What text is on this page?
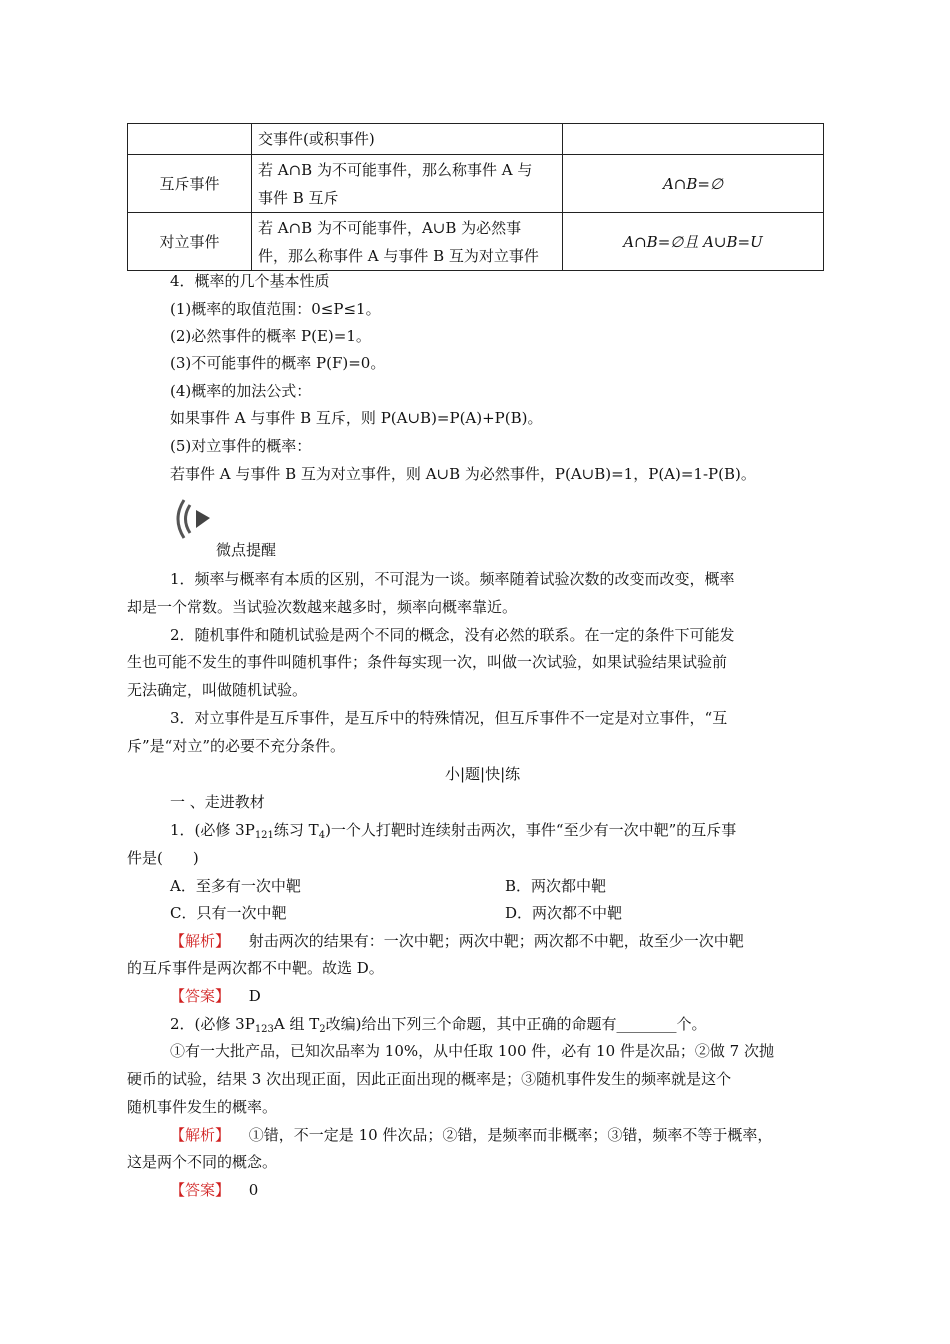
	交事件(或积事件)	
互斥事件	若 A∩B 为不可能事件，那么称事件 A 与
事件 B 互斥	A∩B=∅
对立事件	若 A∩B 为不可能事件，A∪B 为必然事
件，那么称事件 A 与事件 B 互为对立事件	A∩B=∅且 A∪B=U
4．概率的几个基本性质
(1)概率的取值范围：0≤P≤1。
(2)必然事件的概率 P(E)=1。
(3)不可能事件的概率 P(F)=0。
(4)概率的加法公式：
如果事件 A 与事件 B 互斥，则 P(A∪B)=P(A)+P(B)。
(5)对立事件的概率：
若事件 A 与事件 B 互为对立事件，则 A∪B 为必然事件，P(A∪B)=1，P(A)=1-P(B)。
微点提醒
1．频率与概率有本质的区别，不可混为一谈。频率随着试验次数的改变而改变，概率
却是一个常数。当试验次数越来越多时，频率向概率靠近。
2．随机事件和随机试验是两个不同的概念，没有必然的联系。在一定的条件下可能发
生也可能不发生的事件叫随机事件；条件每实现一次，叫做一次试验，如果试验结果试验前
无法确定，叫做随机试验。
3．对立事件是互斥事件，是互斥中的特殊情况，但互斥事件不一定是对立事件，“互
斥”是“对立”的必要不充分条件。
小|题|快|练
一 、走进教材
1．(必修 $3P_{121}$练习 $T_4$)一个人打靶时连续射击两次，事件“至少有一次中靶”的互斥事
件是(　　)
A．至多有一次中靶	B．两次都中靶
C．只有一次中靶	D．两次都不中靶
【解析】 射击两次的结果有：一次中靶；两次中靶；两次都不中靶，故至少一次中靶
的互斥事件是两次都不中靶。故选 D。
【答案】 D
2．(必修 $3P_{123}A$ 组 $T_2$改编)给出下列三个命题，其中正确的命题有________个。
①有一大批产品，已知次品率为 10%，从中任取 100 件，必有 10 件是次品；②做 7 次抛
硬币的试验，结果 3 次出现正面，因此正面出现的概率是；③随机事件发生的频率就是这个
随机事件发生的概率。
【解析】 ①错，不一定是 10 件次品；②错，是频率而非概率；③错，频率不等于概率，
这是两个不同的概念。
【答案】 0
